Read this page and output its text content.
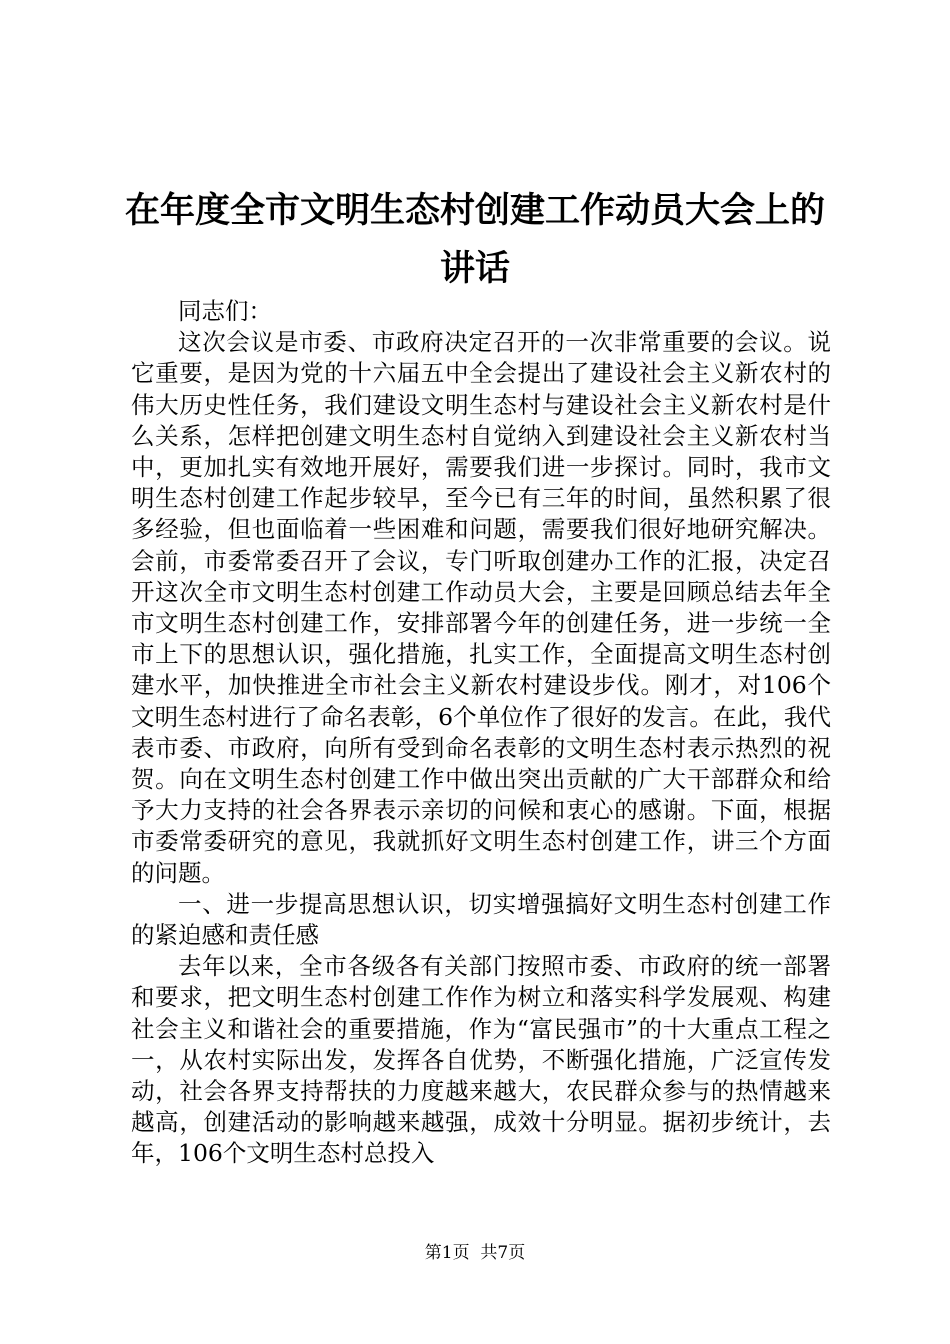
在年度全市文明生态村创建工作动员大会上的讲话

同志们：

这次会议是市委、市政府决定召开的一次非常重要的会议。说它重要，是因为党的十六届五中全会提出了建设社会主义新农村的伟大历史性任务，我们建设文明生态村与建设社会主义新农村是什么关系，怎样把创建文明生态村自觉纳入到建设社会主义新农村当中，更加扎实有效地开展好，需要我们进一步探讨。同时，我市文明生态村创建工作起步较早，至今已有三年的时间，虽然积累了很多经验，但也面临着一些困难和问题，需要我们很好地研究解决。会前，市委常委召开了会议，专门听取创建办工作的汇报，决定召开这次全市文明生态村创建工作动员大会，主要是回顾总结去年全市文明生态村创建工作，安排部署今年的创建任务，进一步统一全市上下的思想认识，强化措施，扎实工作，全面提高文明生态村创建水平，加快推进全市社会主义新农村建设步伐。刚才，对106个文明生态村进行了命名表彰，6个单位作了很好的发言。在此，我代表市委、市政府，向所有受到命名表彰的文明生态村表示热烈的祝贺。向在文明生态村创建工作中做出突出贡献的广大干部群众和给予大力支持的社会各界表示亲切的问候和衷心的感谢。下面，根据市委常委研究的意见，我就抓好文明生态村创建工作，讲三个方面的问题。

一、进一步提高思想认识，切实增强搞好文明生态村创建工作的紧迫感和责任感

去年以来，全市各级各有关部门按照市委、市政府的统一部署和要求，把文明生态村创建工作作为树立和落实科学发展观、构建社会主义和谐社会的重要措施，作为“富民强市”的十大重点工程之一，从农村实际出发，发挥各自优势，不断强化措施，广泛宣传发动，社会各界支持帮扶的力度越来越大，农民群众参与的热情越来越高，创建活动的影响越来越强，成效十分明显。据初步统计，去年，106个文明生态村总投入

第1页 共7页
